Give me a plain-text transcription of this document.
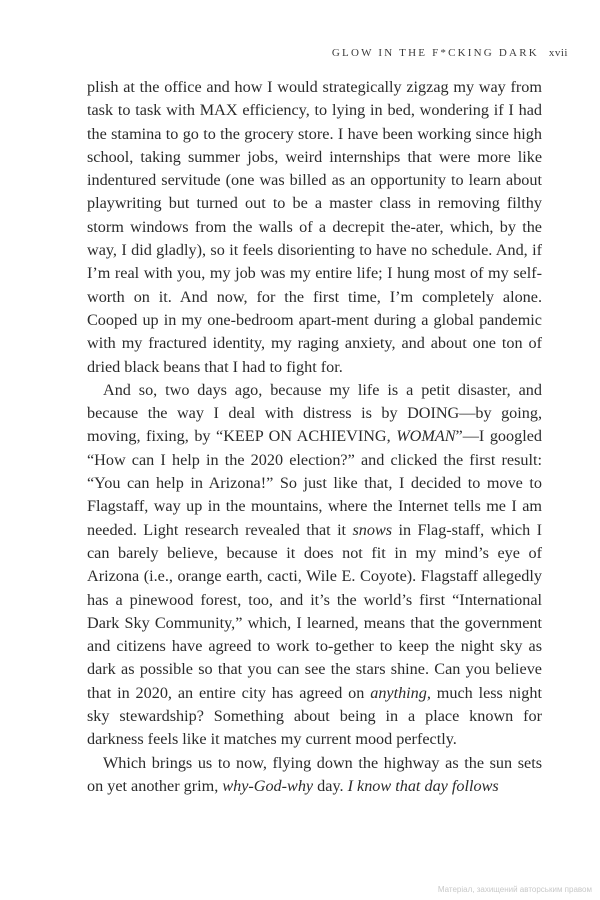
GLOW IN THE F*CKING DARK xvii

plish at the office and how I would strategically zigzag my way from task to task with MAX efficiency, to lying in bed, wondering if I had the stamina to go to the grocery store. I have been working since high school, taking summer jobs, weird internships that were more like indentured servitude (one was billed as an opportunity to learn about playwriting but turned out to be a master class in removing filthy storm windows from the walls of a decrepit the-ater, which, by the way, I did gladly), so it feels disorienting to have no schedule. And, if I’m real with you, my job was my entire life; I hung most of my self-worth on it. And now, for the first time, I’m completely alone. Cooped up in my one-bedroom apart-ment during a global pandemic with my fractured identity, my raging anxiety, and about one ton of dried black beans that I had to fight for.

And so, two days ago, because my life is a petit disaster, and because the way I deal with distress is by DOING—by going, moving, fixing, by “KEEP ON ACHIEVING, WOMAN”—I googled “How can I help in the 2020 election?” and clicked the first result: “You can help in Arizona!” So just like that, I decided to move to Flagstaff, way up in the mountains, where the Internet tells me I am needed. Light research revealed that it snows in Flag-staff, which I can barely believe, because it does not fit in my mind’s eye of Arizona (i.e., orange earth, cacti, Wile E. Coyote). Flagstaff allegedly has a pinewood forest, too, and it’s the world’s first “International Dark Sky Community,” which, I learned, means that the government and citizens have agreed to work to-gether to keep the night sky as dark as possible so that you can see the stars shine. Can you believe that in 2020, an entire city has agreed on anything, much less night sky stewardship? Something about being in a place known for darkness feels like it matches my current mood perfectly.

Which brings us to now, flying down the highway as the sun sets on yet another grim, why-God-why day. I know that day follows

Матеріал, захищений авторським правом
